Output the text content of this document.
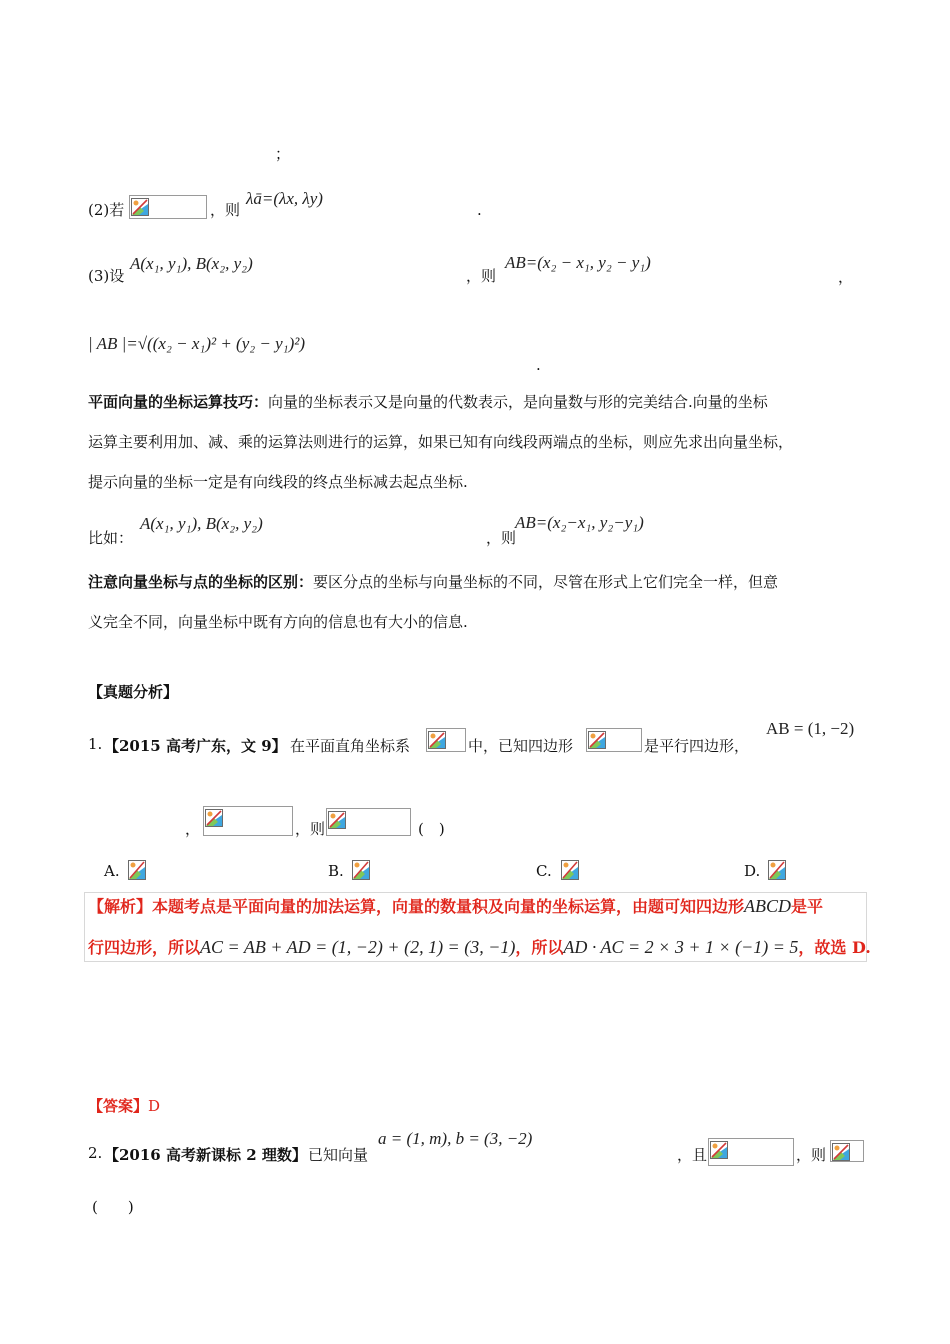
；
(2)若	，则
λā=(λx, λy)
.
(3)设
A(x₁, y₁), B(x₂, y₂)
，则
AB=(x₂ − x₁, y₂ − y₁)
，
| AB |=√((x₂ − x₁)² + (y₂ − y₁)²)
.
平面向量的坐标运算技巧：向量的坐标表示又是向量的代数表示，是向量数与形的完美结合.向量的坐标
运算主要利用加、减、乘的运算法则进行的运算，如果已知有向线段两端点的坐标，则应先求出向量坐标，
提示向量的坐标一定是有向线段的终点坐标减去起点坐标.
比如：
A(x₁, y₁), B(x₂, y₂)
，则
AB=(x₂−x₁, y₂−y₁)
注意向量坐标与点的坐标的区别：要区分点的坐标与向量坐标的不同，尽管在形式上它们完全一样，但意
义完全不同，向量坐标中既有方向的信息也有大小的信息.
【真题分析】
1. 【2015 高考广东，文 9】 在平面直角坐标系	中，已知四边形	是平行四边形，
AB = (1, −2)
，	，则	(　)
A.	B.	C.	D.
【解析】本题考点是平面向量的加法运算，向量的数量积及向量的坐标运算，由题可知四边形ABCD是平
行四边形，所以AC = AB + AD = (1, −2) + (2, 1) = (3, −1)，所以AD · AC = 2 × 3 + 1 × (−1) = 5，故选 D.
【答案】D
2. 【2016 高考新课标 2 理数】 已知向量
a = (1, m), b = (3, −2)
，且	，则
(　　)
